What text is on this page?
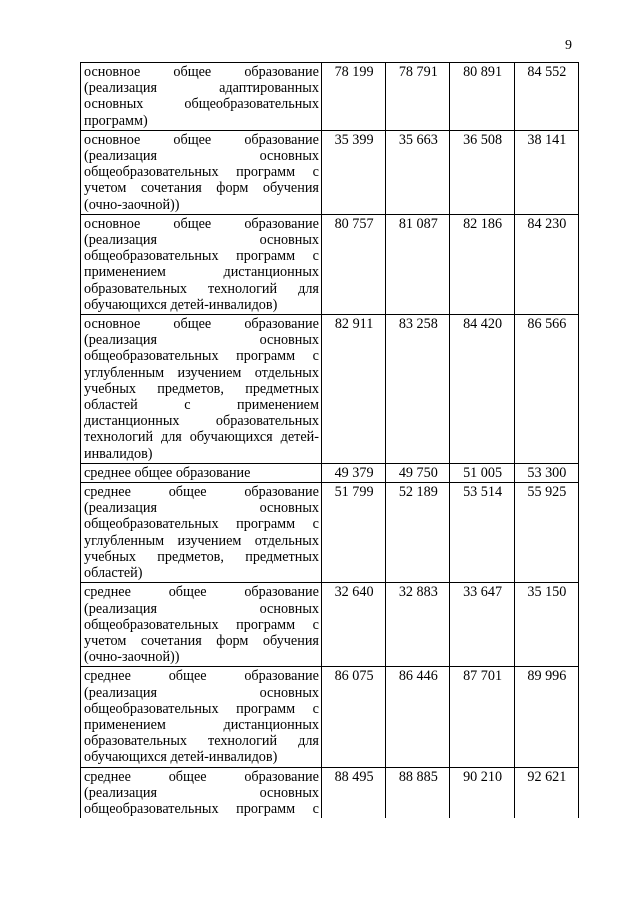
9
основное общее образование (реализация адаптированных основных общеобразовательных программ)	78 199	78 791	80 891	84 552
основное общее образование (реализация основных общеобразовательных программ с учетом сочетания форм обучения (очно-заочной))	35 399	35 663	36 508	38 141
основное общее образование (реализация основных общеобразовательных программ с применением дистанционных образовательных технологий для обучающихся детей-инвалидов)	80 757	81 087	82 186	84 230
основное общее образование (реализация основных общеобразовательных программ с углубленным изучением отдельных учебных предметов, предметных областей с применением дистанционных образовательных технологий для обучающихся детей-инвалидов)	82 911	83 258	84 420	86 566
среднее общее образование	49 379	49 750	51 005	53 300
среднее общее образование (реализация основных общеобразовательных программ с углубленным изучением отдельных учебных предметов, предметных областей)	51 799	52 189	53 514	55 925
среднее общее образование (реализация основных общеобразовательных программ с учетом сочетания форм обучения (очно-заочной))	32 640	32 883	33 647	35 150
среднее общее образование (реализация основных общеобразовательных программ с применением дистанционных образовательных технологий для обучающихся детей-инвалидов)	86 075	86 446	87 701	89 996
среднее общее образование (реализация основных общеобразовательных программ с	88 495	88 885	90 210	92 621
